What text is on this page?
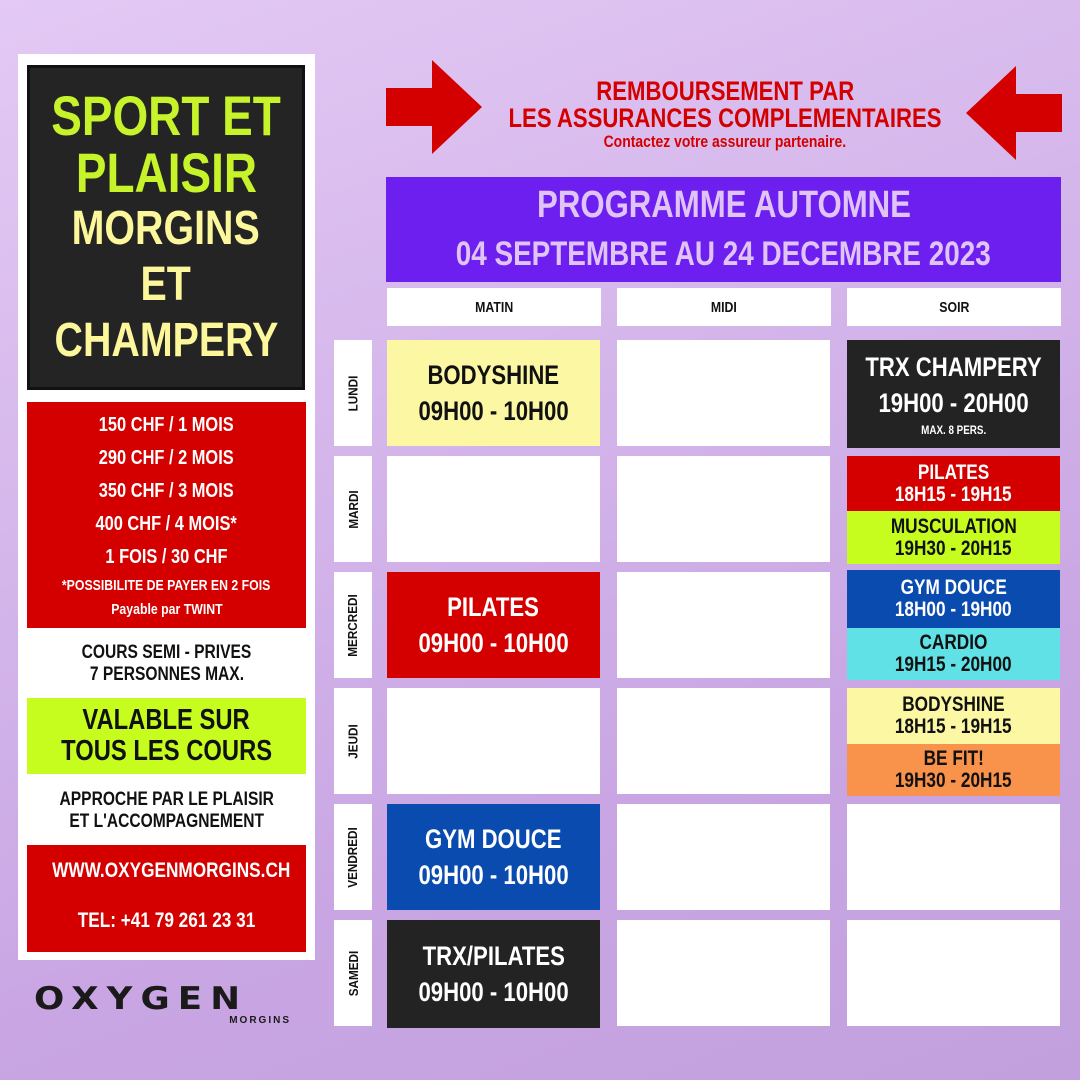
SPORT ET
PLAISIR
MORGINS
ET
CHAMPERY
150 CHF / 1 MOIS
290 CHF / 2 MOIS
350 CHF / 3 MOIS
400 CHF / 4 MOIS*
1 FOIS / 30 CHF
*POSSIBILITE DE PAYER EN 2 FOIS
Payable par TWINT
COURS SEMI - PRIVES
7 PERSONNES MAX.
VALABLE SUR
TOUS LES COURS
APPROCHE PAR LE PLAISIR
ET L'ACCOMPAGNEMENT
WWW.OXYGENMORGINS.CH
TEL: +41 79 261 23 31
OXYGEN
MORGINS
REMBOURSEMENT PAR
LES ASSURANCES COMPLEMENTAIRES
Contactez votre assureur partenaire.
PROGRAMME AUTOMNE
04 SEPTEMBRE AU 24 DECEMBRE 2023
MATIN	MIDI	SOIR
LUNDI
MARDI
MERCREDI
JEUDI
VENDREDI
SAMEDI
BODYSHINE
09H00 - 10H00
TRX CHAMPERY
19H00 - 20H00
MAX. 8 PERS.
PILATES
18H15 - 19H15
MUSCULATION
19H30 - 20H15
PILATES
09H00 - 10H00
GYM DOUCE
18H00 - 19H00
CARDIO
19H15 - 20H00
BODYSHINE
18H15 - 19H15
BE FIT!
19H30 - 20H15
GYM DOUCE
09H00 - 10H00
TRX/PILATES
09H00 - 10H00
